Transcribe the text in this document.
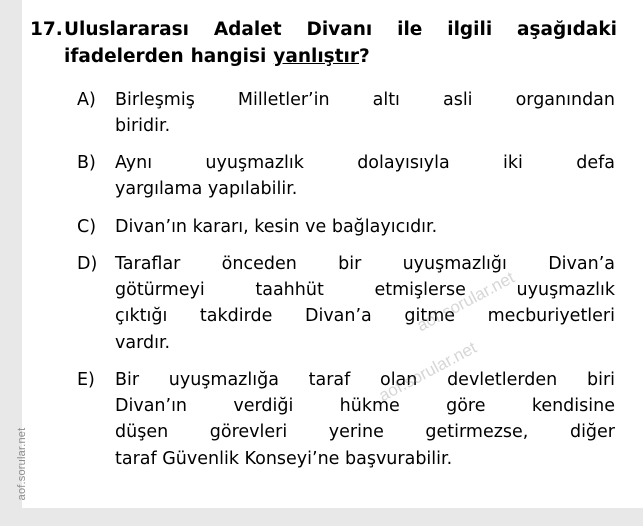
aof.sorular.net
17. Uluslararası Adalet Divanı ile ilgili aşağıdaki ifadelerden hangisi yanlıştır?
A)	Birleşmiş Milletler’in altı asli organından
biridir.
B)	Aynı uyuşmazlık dolayısıyla iki defa
yargılama yapılabilir.
C)	Divan’ın kararı, kesin ve bağlayıcıdır.
D)	Taraflar önceden bir uyuşmazlığı Divan’a
götürmeyi taahhüt etmişlerse uyuşmazlık
çıktığı takdirde Divan’a gitme mecburiyetleri
vardır.
E)	Bir uyuşmazlığa taraf olan devletlerden biri
Divan’ın verdiği hükme göre kendisine
düşen görevleri yerine getirmezse, diğer
taraf Güvenlik Konseyi’ne başvurabilir.
aof.sorular.net
aof.sorular.net
